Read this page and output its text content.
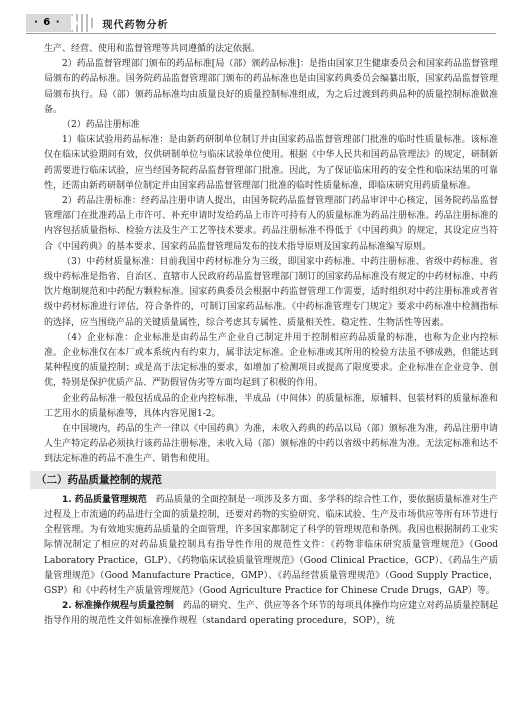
· 6 ·	现代药物分析

生产、经营、使用和监督管理等共同遵循的法定依据。

2）药品监督管理部门颁布的药品标准[局（部）颁药品标准]：是指由国家卫生健康委员会和国家药品监督管理局颁布的药品标准。国务院药品监督管理部门颁布的药品标准也是由国家药典委员会编纂出版，国家药品监督管理局颁布执行。局（部）颁药品标准均由质量良好的质量控制标准组成，为之后过渡到药典品种的质量控制标准做准备。

（2）药品注册标准

1）临床试验用药品标准：是由新药研制单位制订并由国家药品监督管理部门批准的临时性质量标准。该标准仅在临床试验期间有效，仅供研制单位与临床试验单位使用。根据《中华人民共和国药品管理法》的规定，研制新药需要进行临床试验，应当经国务院药品监督管理部门批准。因此，为了保证临床用药的安全性和临床结果的可靠性，还需由新药研制单位制定并由国家药品监督管理部门批准的临时性质量标准，即临床研究用药质量标准。

2）药品注册标准：经药品注册申请人提出，由国务院药品监督管理部门药品审评中心核定，国务院药品监督管理部门在批准药品上市许可、补充申请时发给药品上市许可持有人的质量标准为药品注册标准。药品注册标准的内容包括质量指标、检验方法及生产工艺等技术要求。药品注册标准不得低于《中国药典》的规定，其设定应当符合《中国药典》的基本要求、国家药品监督管理局发布的技术指导原则及国家药品标准编写原则。

（3）中药材质量标准：目前我国中药材标准分为三级，即国家中药标准、中药注册标准、省级中药标准。省级中药标准是指省、自治区、直辖市人民政府药品监督管理部门制订的国家药品标准没有规定的中药材标准、中药饮片炮制规范和中药配方颗粒标准。国家药典委员会根据中药监督管理工作需要，适时组织对中药注册标准或者省级中药材标准进行评估，符合条件的，可制订国家药品标准。《中药标准管理专门规定》要求中药标准中检测指标的选择，应当围绕产品的关键质量属性，综合考虑其专属性、质量相关性、稳定性、生物活性等因素。

（4）企业标准：企业标准是由药品生产企业自己制定并用于控制相应药品质量的标准，也称为企业内控标准。企业标准仅在本厂或本系统内有约束力，属非法定标准。企业标准或其所用的检验方法虽不够成熟，但能达到某种程度的质量控制；或是高于法定标准的要求，如增加了检测项目或提高了限度要求。企业标准在企业竞争、创优，特别是保护优质产品、严防假冒伪劣等方面均起到了积极的作用。

企业药品标准一般包括成品的企业内控标准，半成品（中间体）的质量标准，原辅料、包装材料的质量标准和工艺用水的质量标准等，具体内容见图1-2。

在中国境内，药品的生产一律以《中国药典》为准，未收入药典的药品以局（部）颁标准为准，药品注册申请人生产特定药品必须执行该药品注册标准，未收入局（部）颁标准的中药以省级中药标准为准。无法定标准和达不到法定标准的药品不准生产、销售和使用。

（二）药品质量控制的规范

1. 药品质量管理规范　 药品质量的全面控制是一项涉及多方面、多学科的综合性工作，要依据质量标准对生产过程及上市流通的药品进行全面的质量控制，还要对药物的实验研究、临床试验、生产及市场供应等所有环节进行全程管理。为有效地实施药品质量的全面管理，许多国家都制定了科学的管理规范和条例。我国也根据制药工业实际情况制定了相应的对药品质量控制具有指导性作用的规范性文件：《药物非临床研究质量管理规范》（Good Laboratory Practice，GLP）、《药物临床试验质量管理规范》（Good Clinical Practice，GCP）、《药品生产质量管理规范》（Good Manufacture Practice，GMP）、《药品经营质量管理规范》（Good Supply Practice，GSP）和《中药材生产质量管理规范》（Good Agriculture Practice for Chinese Crude Drugs，GAP）等。

2. 标准操作规程与质量控制　 药品的研究、生产、供应等各个环节的每项具体操作均应建立对药品质量控制起指导作用的规范性文件如标准操作规程（standard operating procedure，SOP），统
